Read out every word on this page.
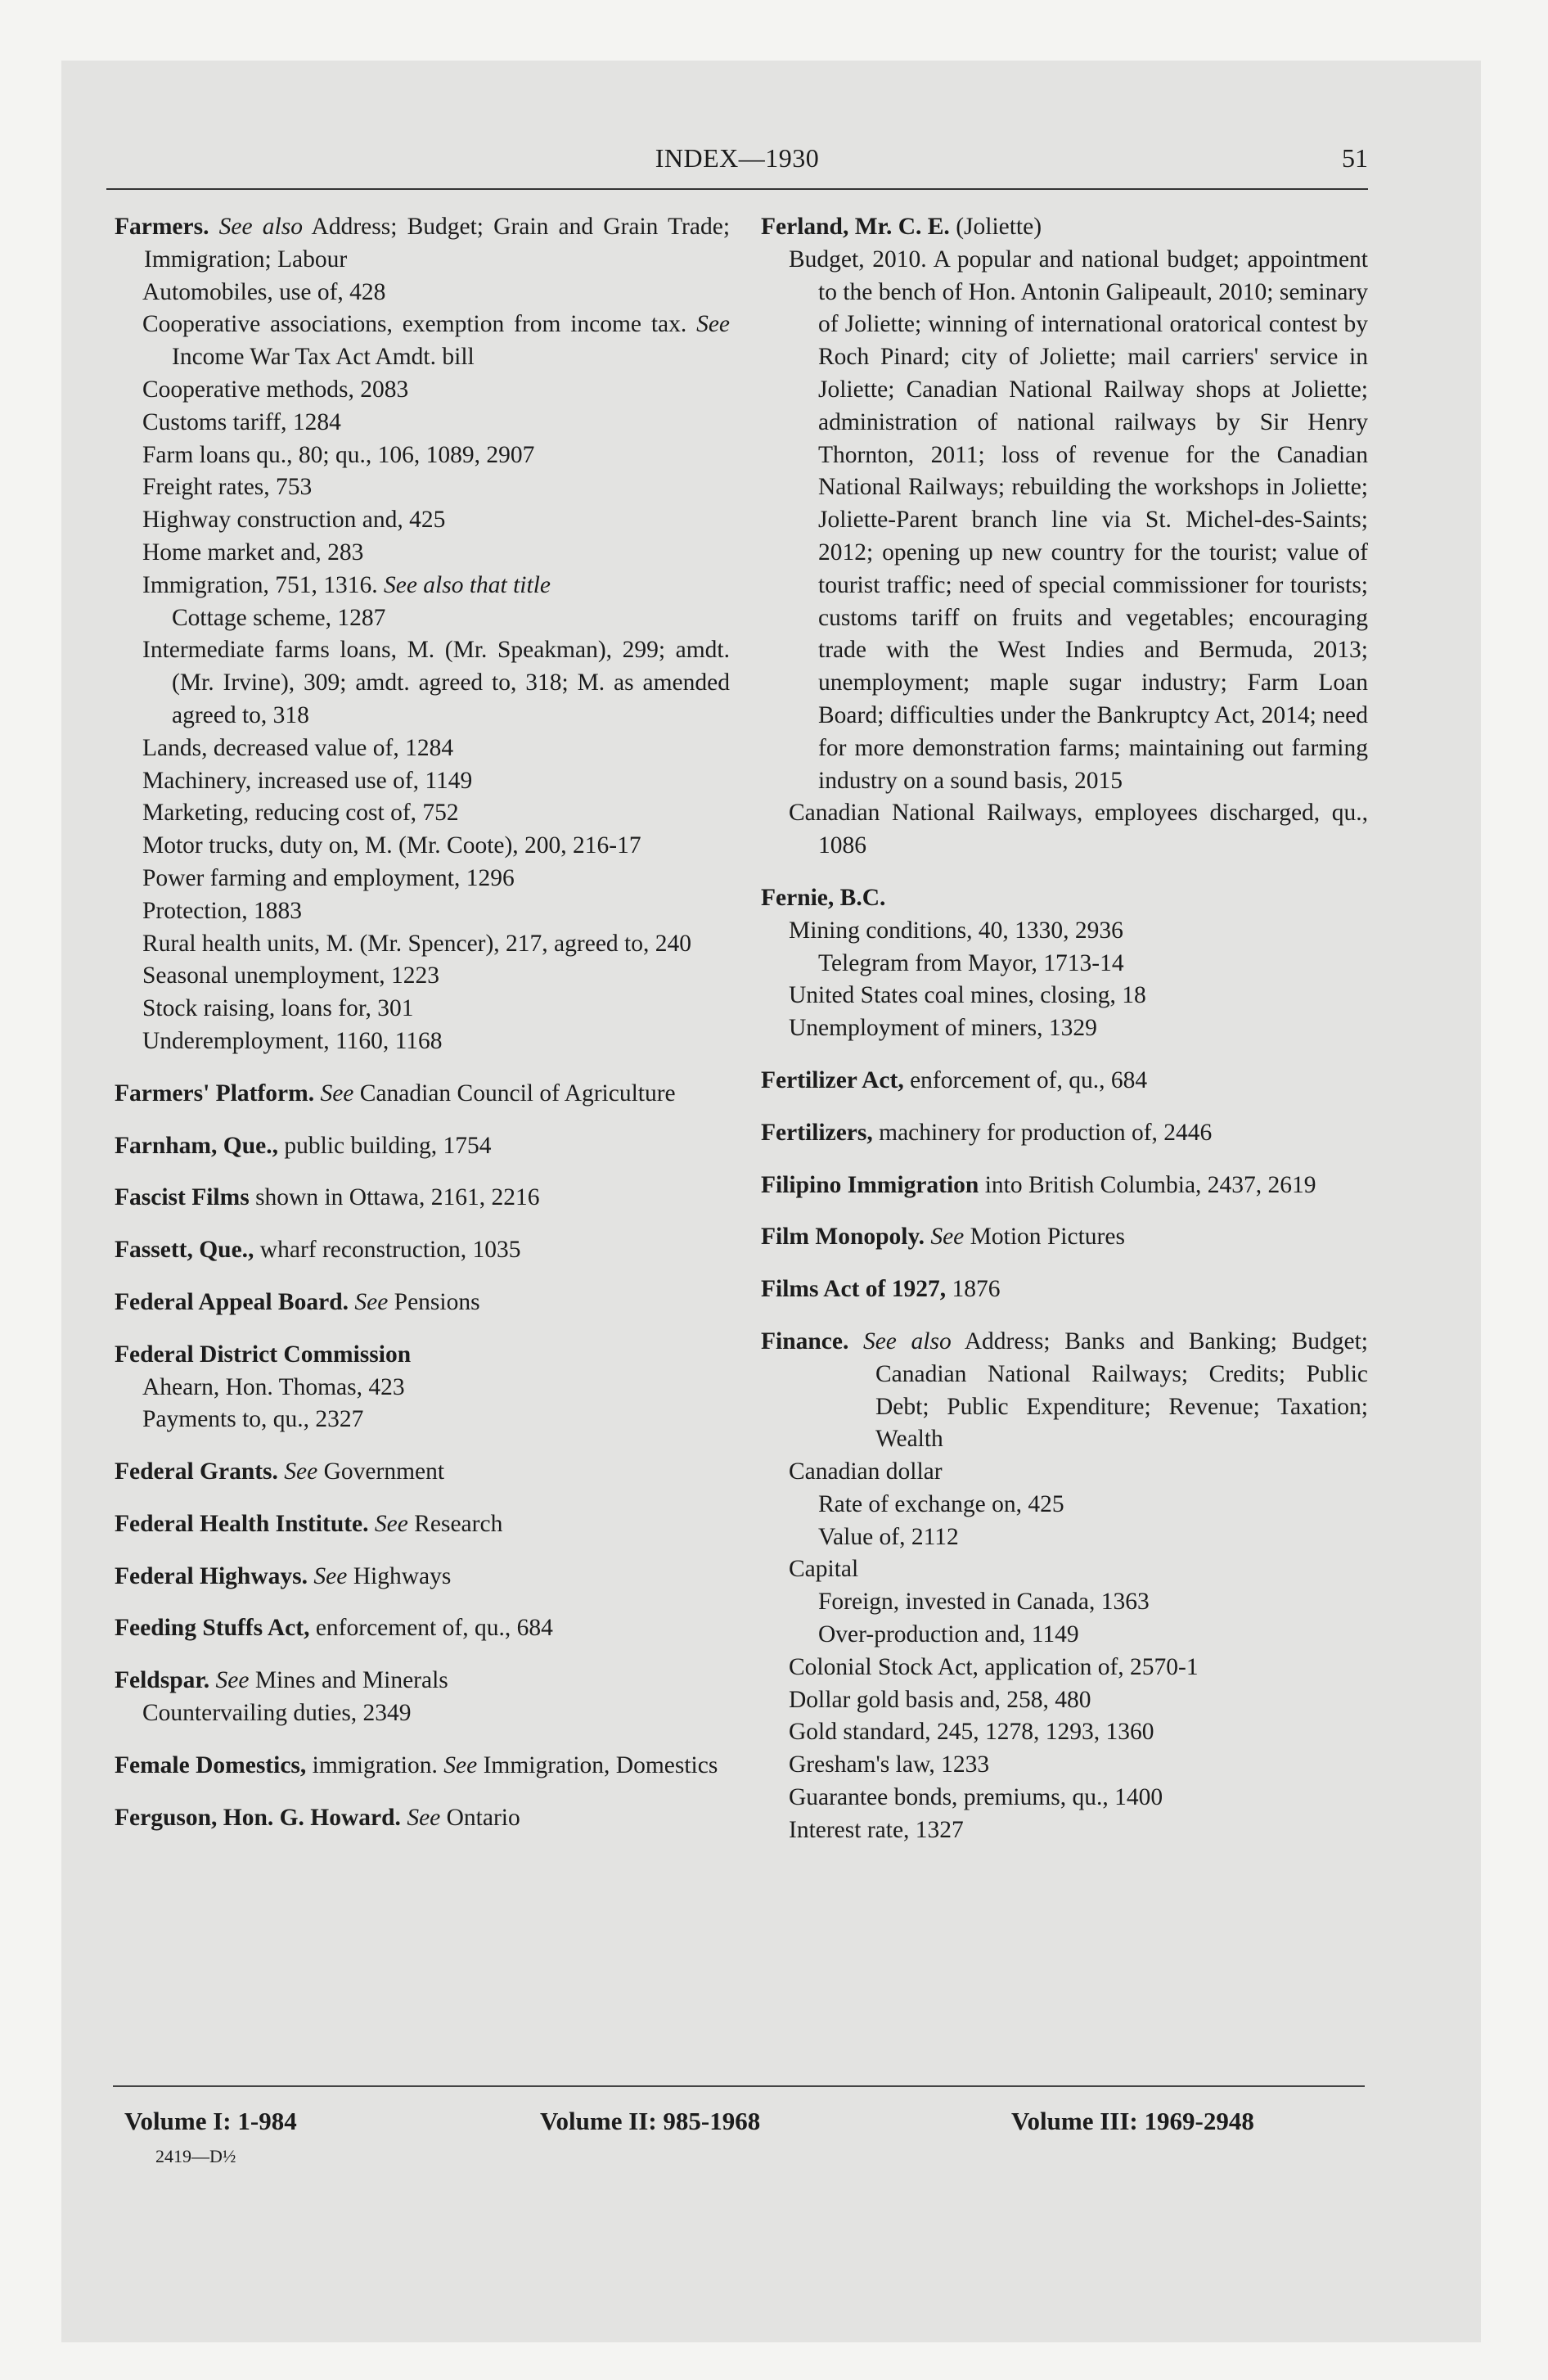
INDEX—1930	51
Farmers. See also Address; Budget; Grain and Grain Trade; Immigration; Labour
Automobiles, use of, 428
Cooperative associations, exemption from income tax. See Income War Tax Act Amdt. bill
Cooperative methods, 2083
Customs tariff, 1284
Farm loans qu., 80; qu., 106, 1089, 2907
Freight rates, 753
Highway construction and, 425
Home market and, 283
Immigration, 751, 1316. See also that title
Cottage scheme, 1287
Intermediate farms loans, M. (Mr. Speakman), 299; amdt. (Mr. Irvine), 309; amdt. agreed to, 318; M. as amended agreed to, 318
Lands, decreased value of, 1284
Machinery, increased use of, 1149
Marketing, reducing cost of, 752
Motor trucks, duty on, M. (Mr. Coote), 200, 216-17
Power farming and employment, 1296
Protection, 1883
Rural health units, M. (Mr. Spencer), 217, agreed to, 240
Seasonal unemployment, 1223
Stock raising, loans for, 301
Underemployment, 1160, 1168
Farmers' Platform. See Canadian Council of Agriculture
Farnham, Que., public building, 1754
Fascist Films shown in Ottawa, 2161, 2216
Fassett, Que., wharf reconstruction, 1035
Federal Appeal Board. See Pensions
Federal District Commission
Ahearn, Hon. Thomas, 423
Payments to, qu., 2327
Federal Grants. See Government
Federal Health Institute. See Research
Federal Highways. See Highways
Feeding Stuffs Act, enforcement of, qu., 684
Feldspar. See Mines and Minerals
Countervailing duties, 2349
Female Domestics, immigration. See Immigration, Domestics
Ferguson, Hon. G. Howard. See Ontario
Ferland, Mr. C. E. (Joliette)
Budget, 2010. A popular and national budget; appointment to the bench of Hon. Antonin Galipeault, 2010; seminary of Joliette; winning of international oratorical contest by Roch Pinard; city of Joliette; mail carriers' service in Joliette; Canadian National Railway shops at Joliette; administration of national railways by Sir Henry Thornton, 2011; loss of revenue for the Canadian National Railways; rebuilding the workshops in Joliette; Joliette-Parent branch line via St. Michel-des-Saints; 2012; opening up new country for the tourist; value of tourist traffic; need of special commissioner for tourists; customs tariff on fruits and vegetables; encouraging trade with the West Indies and Bermuda, 2013; unemployment; maple sugar industry; Farm Loan Board; difficulties under the Bankruptcy Act, 2014; need for more demonstration farms; maintaining out farming industry on a sound basis, 2015
Canadian National Railways, employees discharged, qu., 1086
Fernie, B.C.
Mining conditions, 40, 1330, 2936
Telegram from Mayor, 1713-14
United States coal mines, closing, 18
Unemployment of miners, 1329
Fertilizer Act, enforcement of, qu., 684
Fertilizers, machinery for production of, 2446
Filipino Immigration into British Columbia, 2437, 2619
Film Monopoly. See Motion Pictures
Films Act of 1927, 1876
Finance. See also Address; Banks and Banking; Budget; Canadian National Railways; Credits; Public Debt; Public Expenditure; Revenue; Taxation; Wealth
Canadian dollar
Rate of exchange on, 425
Value of, 2112
Capital
Foreign, invested in Canada, 1363
Over-production and, 1149
Colonial Stock Act, application of, 2570-1
Dollar gold basis and, 258, 480
Gold standard, 245, 1278, 1293, 1360
Gresham's law, 1233
Guarantee bonds, premiums, qu., 1400
Interest rate, 1327
Volume I: 1-984	Volume II: 985-1968	Volume III: 1969-2948
2419—D½
